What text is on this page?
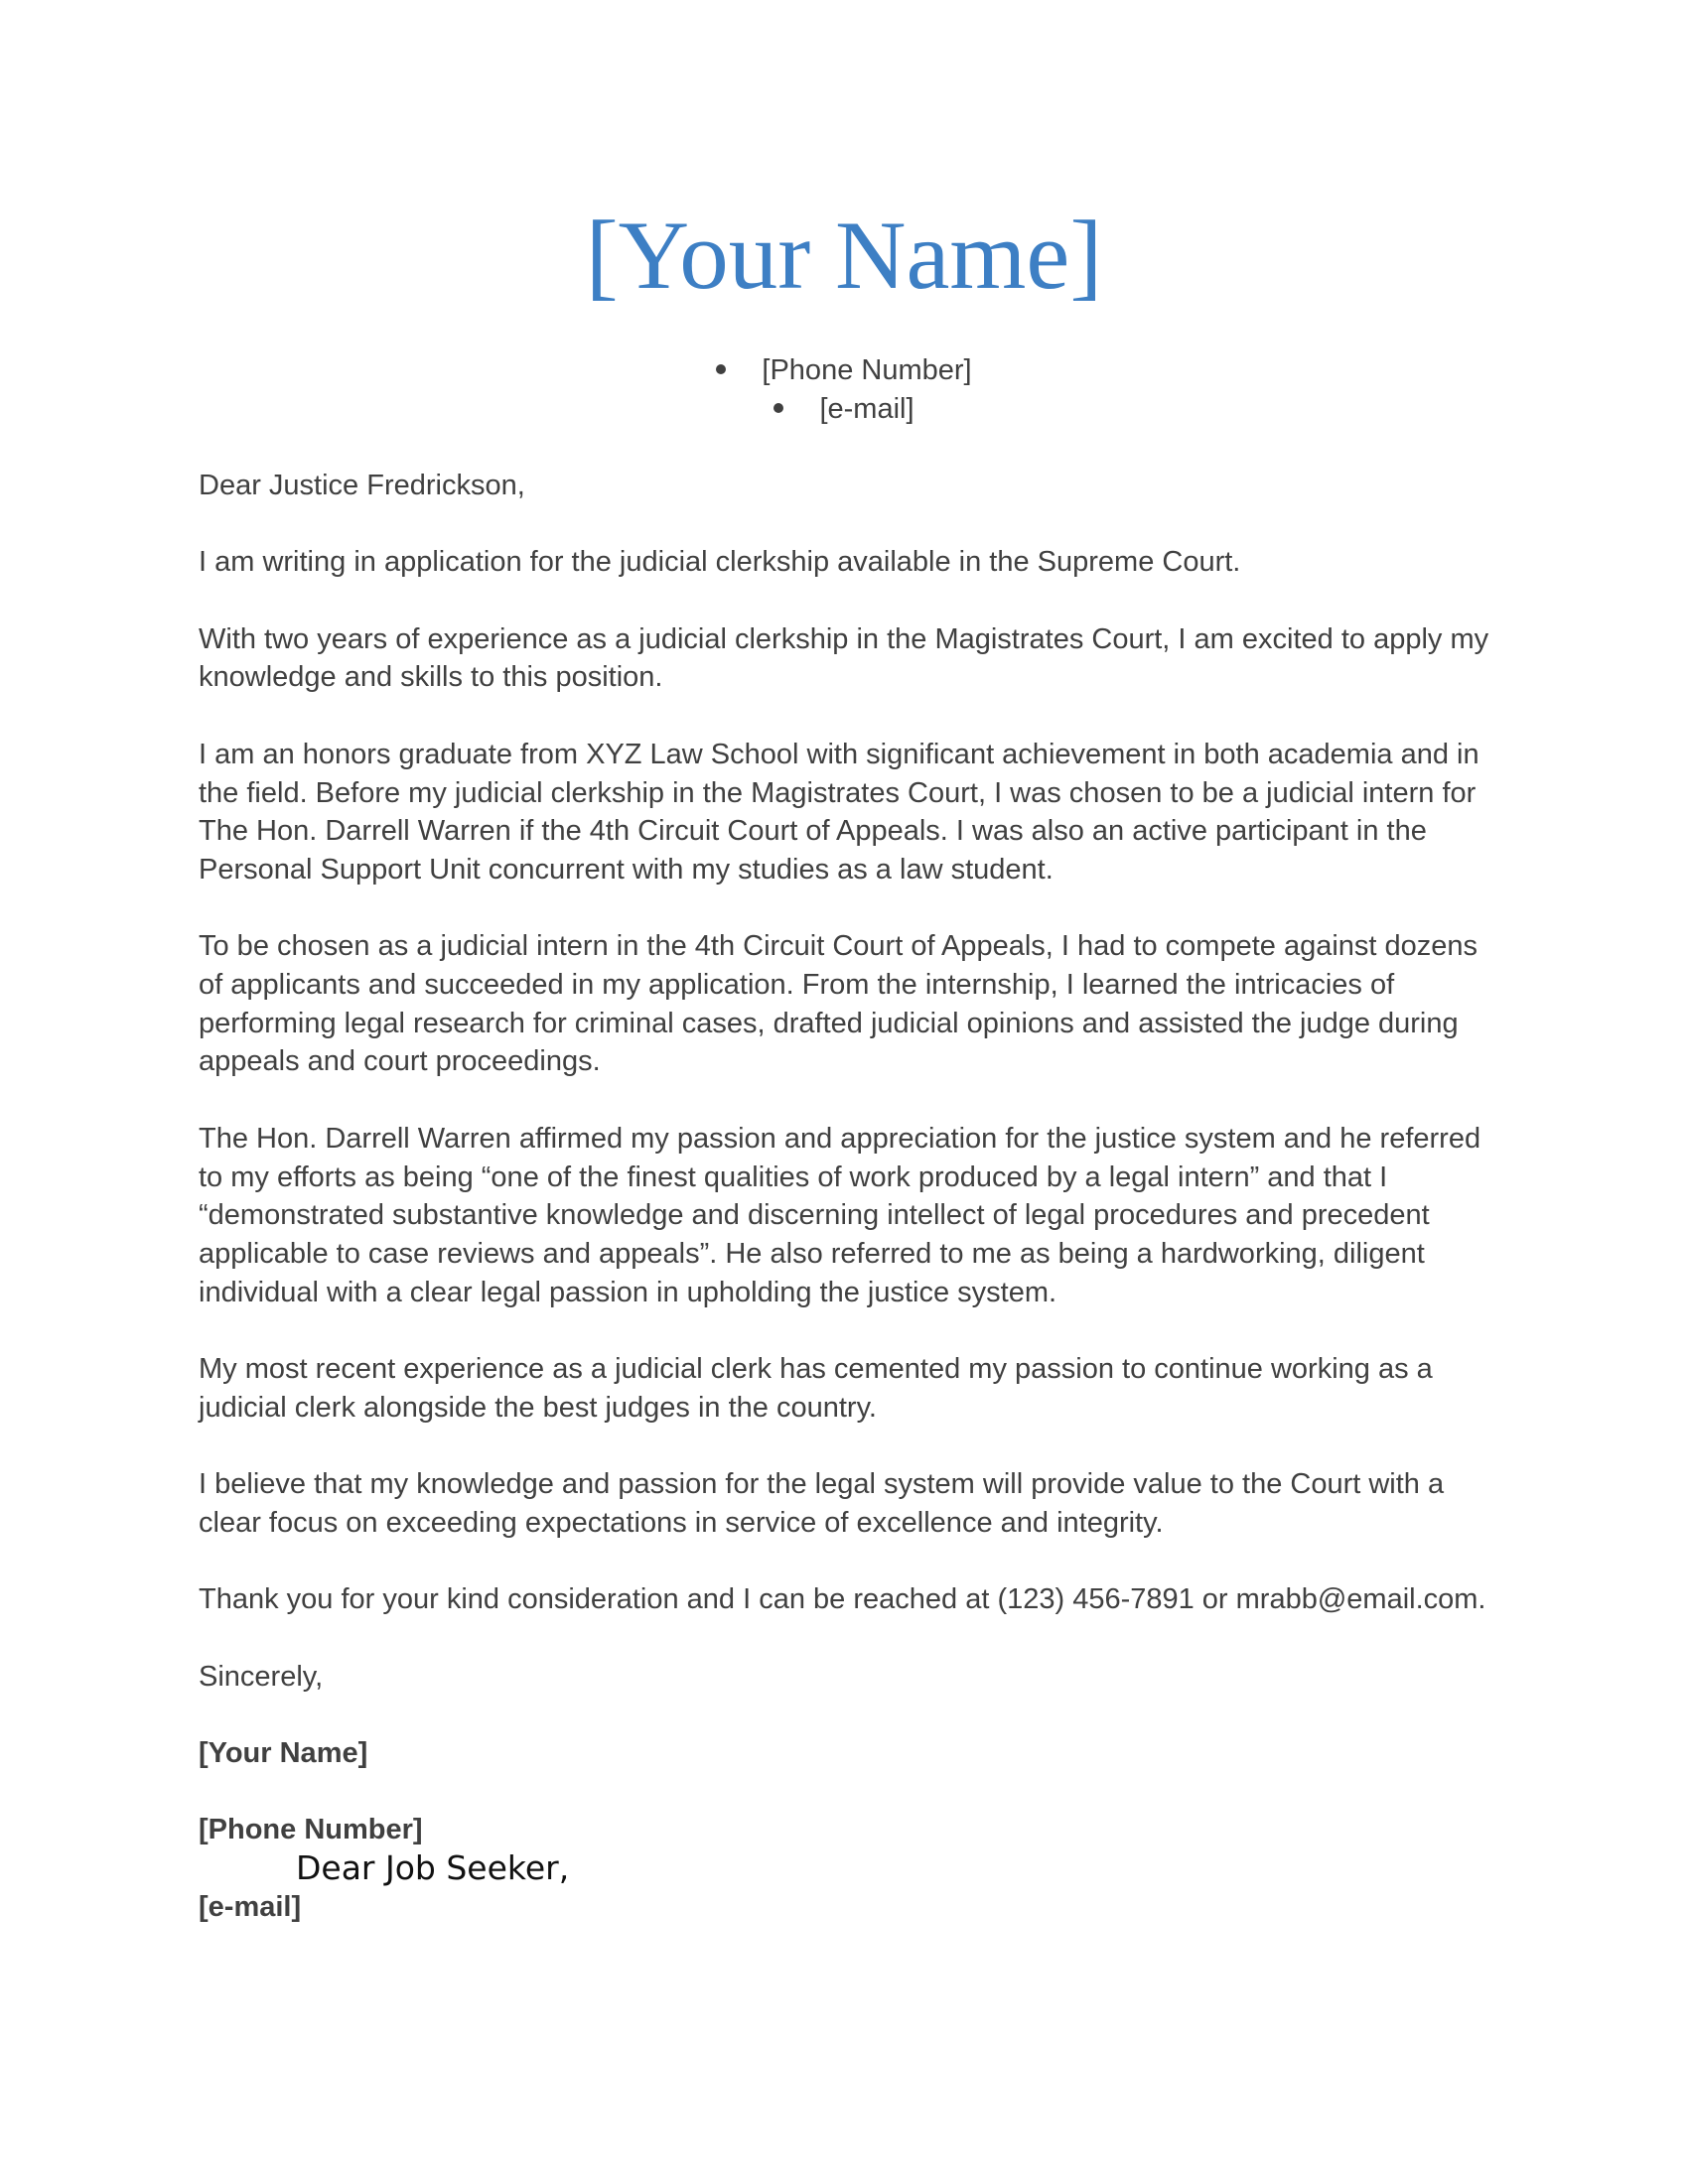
[Your Name]
[Phone Number]
[e-mail]

Dear Justice Fredrickson,

I am writing in application for the judicial clerkship available in the Supreme Court.

With two years of experience as a judicial clerkship in the Magistrates Court, I am excited to apply my knowledge and skills to this position.

I am an honors graduate from XYZ Law School with significant achievement in both academia and in the field. Before my judicial clerkship in the Magistrates Court, I was chosen to be a judicial intern for The Hon. Darrell Warren if the 4th Circuit Court of Appeals. I was also an active participant in the Personal Support Unit concurrent with my studies as a law student.

To be chosen as a judicial intern in the 4th Circuit Court of Appeals, I had to compete against dozens of applicants and succeeded in my application. From the internship, I learned the intricacies of performing legal research for criminal cases, drafted judicial opinions and assisted the judge during appeals and court proceedings.

The Hon. Darrell Warren affirmed my passion and appreciation for the justice system and he referred to my efforts as being “one of the finest qualities of work produced by a legal intern” and that I “demonstrated substantive knowledge and discerning intellect of legal procedures and precedent applicable to case reviews and appeals”. He also referred to me as being a hardworking, diligent individual with a clear legal passion in upholding the justice system.

My most recent experience as a judicial clerk has cemented my passion to continue working as a judicial clerk alongside the best judges in the country.

I believe that my knowledge and passion for the legal system will provide value to the Court with a clear focus on exceeding expectations in service of excellence and integrity.

Thank you for your kind consideration and I can be reached at (123) 456-7891 or mrabb@email.com.

Sincerely,

[Your Name]

[Phone Number]

[e-mail]

Dear Job Seeker,
